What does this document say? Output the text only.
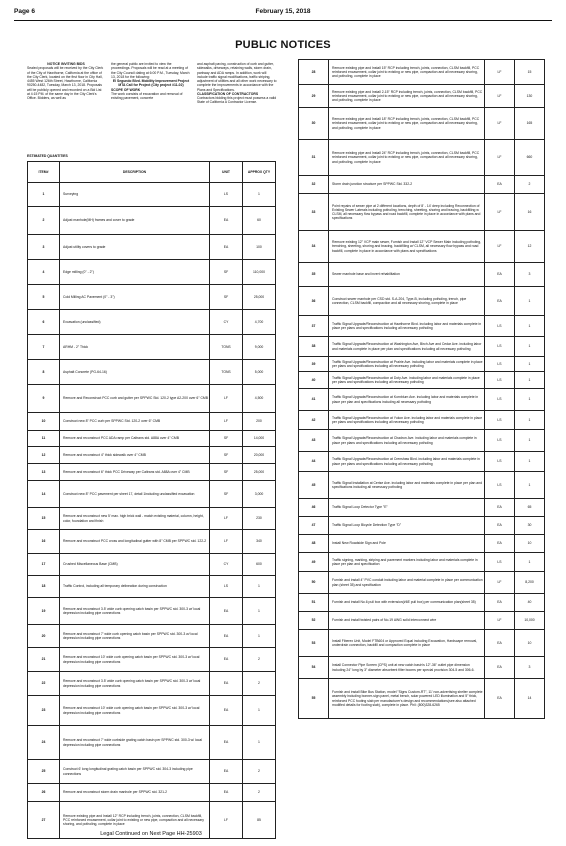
Page 6	February 15, 2018
PUBLIC NOTICES

NOTICE INVITING BIDS

Sealed proposals will be received by the City Clerk of the City of Hawthorne, California at the office of the City Clerk, located on the first floor in City Hall, 4455 West 126th Street, Hawthorne, California 90250-4482, Tuesday, March 13, 2018. Proposals will be publicly opened and recorded on a Bid List at 4:15 PM. of the same day in the City Clerk's Office. Bidders, as well as

the general public are invited to view the proceedings. Proposals will be read at a meeting of the City Council dating at 6:00 P.M., Tuesday, March 13, 2018 for the following:

El Segundo Blvd. Mobility Improvement Project MTA Call for Project (City project #11-02)

SCOPE OF WORK

The work consists of excavation and removal of existing pavement, concrete

and asphalt paving, construction of curb and gutter, sidewalks, driveways, retaining walls, storm drain, parkway and ADA ramps. In addition, work will include traffic signal modifications, traffic striping, adjustment of utilities and all other work necessary to complete the improvements in accordance with the Plans and Specifications.

CLASSIFICATION OF CONTRACTORS

Contractors bidding this project must possess a valid State of California A Contractor License.

ESTIMATED QUANTITIES
ITEM#	DESCRIPTION	UNIT	APPROX QTY
1	Surveying	LS	1
2	Adjust manhole(MH) frames and cover to grade	EA	60
3	Adjust utility covers to grade	EA	100
4	Edge milling (0" - 2")	SF	110,000
5	Cold Milling AC Pavement (0" - 3")	SF	25,000
6	Excavation (unclassified)	CY	4,700
7	ARHM - 2" Thick	TONS	9,000
8	Asphalt Concrete (PG-64-16)	TONS	5,000
9	Remove and Reconstruct PCC curb and gutter per SPPWC Std. 120-2 type A2-200 over 6" CMB	LF	4,500
10	Construct new 8" PCC curb per SPPWC Std. 120-2 over 6" CMB	LF	200
11	Remove and reconstruct PCC ADA ramp per Caltrans std. A88A over 4" CMB	SF	14,000
12	Remove and reconstruct 4" thick sidewalk over 4" CMB	SF	20,000
13	Remove and reconstruct 6" thick PCC Driveway per Caltrans std. A88A over 4" CMB	SF	25,000
14	Construct new 8" PCC pavement per sheet 17, detail 1including unclassified excavation	SF	3,000
15	Remove and reconstruct new 5' max. high brick wall - match existing material, column, height, color, foundation and finish	LF	230
16	Remove and reconstruct PCC cross and longitudinal gutter with 8" CMB per SPPWC std. 122-2	LF	340
17	Crushed Miscellaneous Base (CMB)	CY	600
18	Traffic Control, including all temporary delineation during construction	LS	1
19	Remove and reconstruct 3.5' wide curb opening catch basin per SPPWC std. 300-3 w/ local depression including pipe connections	EA	1
20	Remove and reconstruct 7' wide curb opening catch basin per SPPWC std. 300-3 w/ local depression including pipe connections	EA	1
21	Remove and reconstruct 10' wide curb opening catch basin per SPPWC std. 300-3 w/ local depression including pipe connections	EA	2
22	Remove and reconstruct 3.5' wide curb opening catch basin per SPPWC std. 300-3 w/ local depression including pipe connections	EA	2
23	Remove and reconstruct 10' wide curb opening catch basin per SPPWC std. 300-3 w/ local depression including pipe connections	EA	1
24	Remove and reconstruct 7' wide curbside grating catch basin per SPPWC std. 300-3 w/ local depression including pipe connections	EA	1
25	Construct 6' long longitudinal grating catch basin per SPPWC std. 304-3 including pipe connections	EA	2
26	Remove and reconstruct storm drain manhole per SPPWC std. 321-2	EA	2
27	Remove existing pipe and Install 12" RCP including trench, joints, connection, CLSM backfill, PCC reinforced encasement, collar joint to existing or new pipe, compaction and all necessary shoring, and potholing, complete in place	LF	85
28	Remove existing pipe and Install 15" RCP including trench, joints, connection, CLSM backfill, PCC reinforced encasement, collar joint to existing or new pipe, compaction and all necessary shoring, and potholing, complete in place	LF	15
29	Remove existing pipe and Install 2-15" RCP including trench, joints, connection, CLSM backfill, PCC reinforced encasement, collar joint to existing or new pipe, compaction and all necessary shoring, and potholing, complete in place	LF	130
30	Remove existing pipe and Install 18" RCP including trench, joints, connection, CLSM backfill, PCC reinforced encasement, collar joint to existing or new pipe, compaction and all necessary shoring, and potholing, complete in place	LF	165
31	Remove existing pipe and Install 24" RCP including trench, joints, connection, CLSM backfill, PCC reinforced encasement, collar joint to existing or new pipe, compaction and all necessary shoring, and potholing, complete in place	LF	660
32	Storm drain junction structure per SPPWC Std. 332-2	EA	2
33	Point repairs of sewer pipe at 2 different locations, depth of 8' - 14' deep including Reconnection of Existing Sewer Laterals including potholing, trenching, sheeting, shoring and bracing, backfilling w CLSM, all necessary flow bypass and road backfill, complete in place in accordance with plans and specifications	LF	16
34	Remove existing 12" VCP main sewer, Furnish and Install 12" VCP Sewer Main including potholing, trenching, sheeting, shoring and bracing, backfilling w/ CLSM, all necessary flow bypass and road backfill, complete in place in accordance with plans and specifications	LF	12
35	Sewer manhole base and invert rehabilitation	EA	3
36	Construct sewer manhole per CSD std. S-A-204, Type-B, including potholing, trench, pipe connection, CLSM backfill, compaction and all necessary shoring, complete in place	EA	1
37	Traffic Signal Upgrade/Reconstruction at Hawthorne Blvd. including labor and materials complete in place per plans and specifications including all necessary potholing	LS	1
38	Traffic Signal Upgrade/Reconstruction at Washington Ave, Birch Ave and Cedar Ave. including labor and materials complete in place per plan and specifications including all necessary potholing	LS	1
39	Traffic Signal Upgrade/Reconstruction at Prairie Ave. including labor and materials complete in place per plans and specifications including all necessary potholing	LS	1
40	Traffic Signal Upgrade/Reconstruction at Doty Ave. including labor and materials complete in place per plans and specifications including all necessary potholing	LS	1
41	Traffic Signal Upgrade/Reconstruction at Kornblum Ave. including labor and materials complete in place per plan and specifications including all necessary potholing	LS	1
42	Traffic Signal Upgrade/Reconstruction at Yukon Ave. including labor and materials complete in place per plans and specifications including all necessary potholing	LS	1
43	Traffic Signal Upgrade/Reconstruction at Chadron Ave. including labor and materials complete in place per plans and specifications including all necessary potholing	LS	1
44	Traffic Signal Upgrade/Reconstruction at Crenshaw Blvd. including labor and materials complete in place per plans and specifications including all necessary potholing	LS	1
45	Traffic Signal Installation at Cerise Ave. including labor and materials complete in place per plan and specifications including all necessary potholing	LS	1
46	Traffic Signal Loop Detector Type "E"	EA	65
47	Traffic Signal Loop Bicycle Detection Type "D"	EA	30
48	Install New Roadside Sign and Pole	EA	10
49	Traffic signing, marking, striping and pavement markers including labor and materials complete in place per plan and specification	LS	1
50	Furnish and install 4" PVC conduit including labor and material complete in place per communication plan (sheet 35) and specification	LF	8,200
51	Furnish and install No.6 pull box with extension(#6E pull box) per communication plan(sheet 35)	EA	40
52	Furnish and install twisted pairs of No.19 AWG solid interconnect wire	LF	10,000
53	Install Fiberex Unit, Model FTB604 or Approved Equal including Excavation, Hardscape removal, underdrain connection, backfill and compaction complete in place	EA	10
54	Install Connector Pipe Screen (CPS) unit at new catch basin's 12"-36" outlet pipe dimension including 24" long by 3" diameter absorbent filter booms per special provision 304-5 and 306-6.	EA	3
55	Furnish and install Bike Bus Station, model "Signs Custom-RT", 11' non-advertising shelter complete assembly including bonner-sign panel, metal bench, solar powered LED illumination and 5" thick, reinforced PCC footing slab per manufacturer's design and recommendations(see also attached modified details for footing slab), complete in place. Phil: (800)328-6265	EA	14
Legal Continued on Next Page HH-25903
